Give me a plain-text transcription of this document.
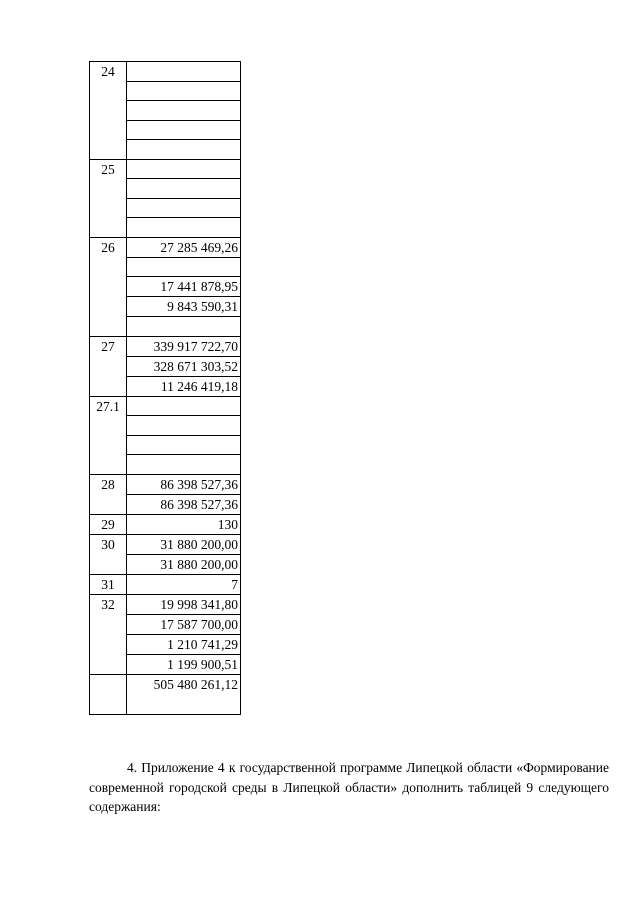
24	

25	

26	27 285 469,26

	17 441 878,95
	9 843 590,31

27	339 917 722,70
	328 671 303,52
	11 246 419,18
27.1	

28	86 398 527,36
	86 398 527,36
29	130
30	31 880 200,00
	31 880 200,00
31	7
32	19 998 341,80
	17 587 700,00
	1 210 741,29
	1 199 900,51
	505 480 261,12

4. Приложение 4 к государственной программе Липецкой области «Формирование современной городской среды в Липецкой области» дополнить таблицей 9 следующего содержания:
